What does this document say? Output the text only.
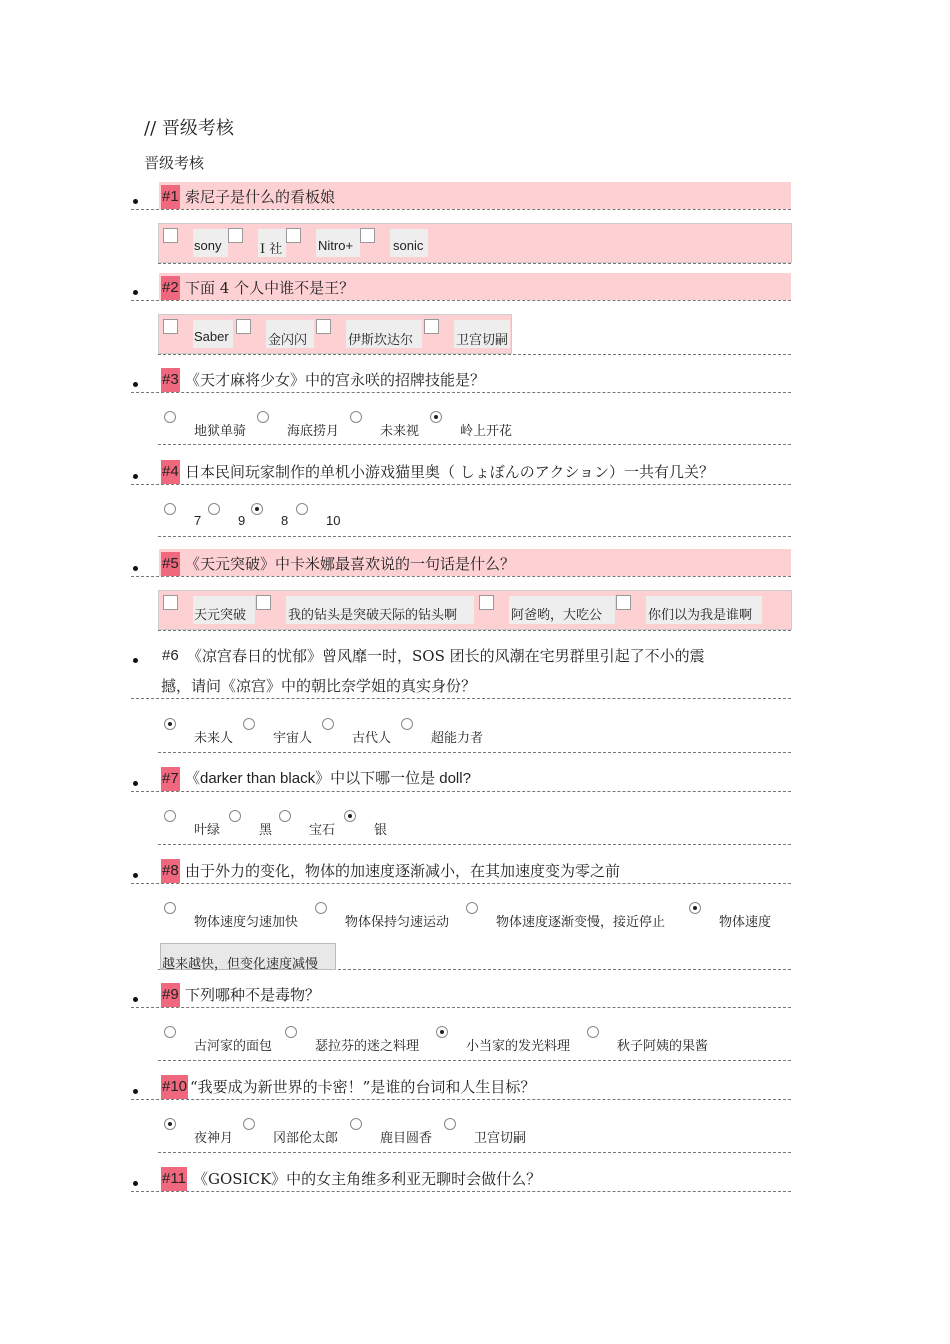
// 晋级考核
晋级考核
#1 索尼子是什么的看板娘
sony	I 社	Nitro+	sonic
#2 下面 4 个人中谁不是王？
Saber	金闪闪	伊斯坎达尔	卫宫切嗣
#3 《天才麻将少女》中的宫永咲的招牌技能是？
地狱单骑	海底捞月	未来视	岭上开花
#4 日本民间玩家制作的单机小游戏猫里奥（ しょぼんのアクション）一共有几关？
7	9	8	10
#5 《天元突破》中卡米娜最喜欢说的一句话是什么？
天元突破	我的钻头是突破天际的钻头啊	阿爸哟，大吃公	你们以为我是谁啊
#6 《凉宫春日的忧郁》曾风靡一时，SOS 团长的风潮在宅男群里引起了不小的震
撼，请问《凉宫》中的朝比奈学姐的真实身份？
未来人	宇宙人	古代人	超能力者
#7 《darker than black》中以下哪一位是 doll?
叶绿	黑	宝石	银
#8 由于外力的变化，物体的加速度逐渐减小，在其加速度变为零之前
物体速度匀速加快	物体保持匀速运动	物体速度逐渐变慢，接近停止	物体速度
越来越快，但变化速度减慢
#9 下列哪种不是毒物？
古河家的面包	瑟拉芬的迷之料理	小当家的发光料理	秋子阿姨的果酱
#10 “我要成为新世界的卡密！”是谁的台词和人生目标？
夜神月	冈部伦太郎	鹿目圆香	卫宫切嗣
#11 《GOSICK》中的女主角维多利亚无聊时会做什么？
